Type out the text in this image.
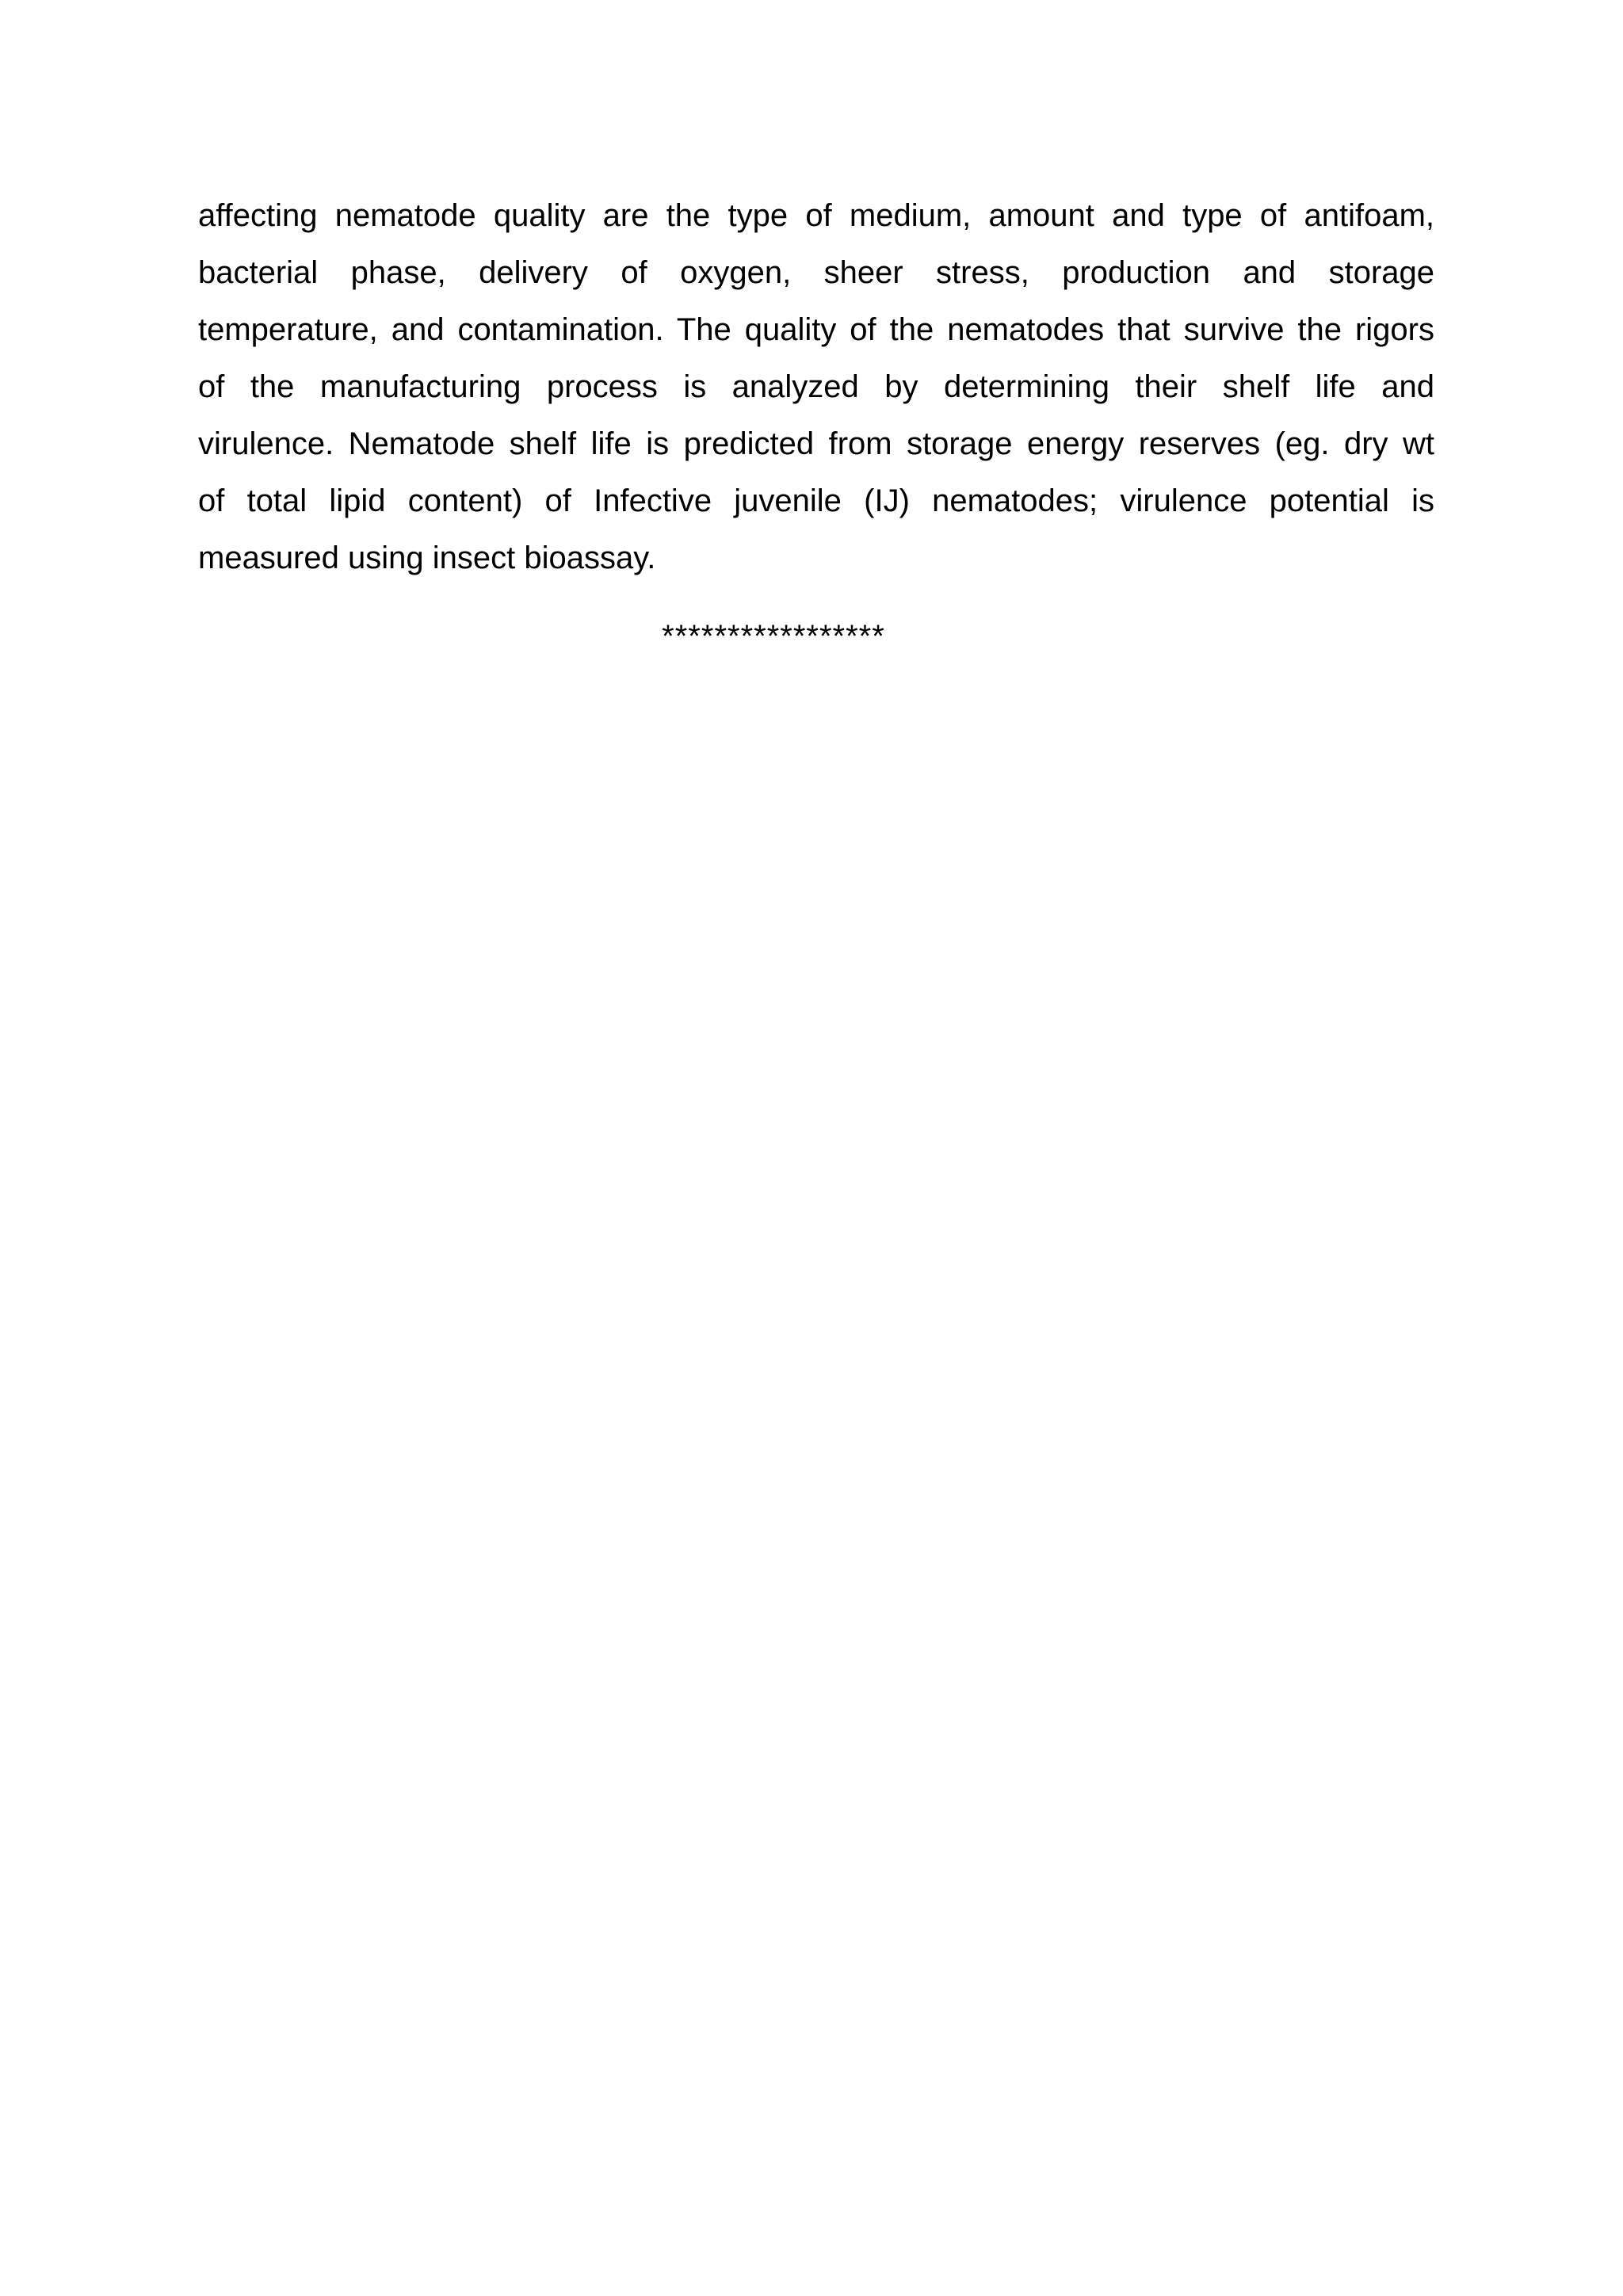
affecting nematode quality are the type of medium, amount and type of antifoam,
bacterial phase, delivery of oxygen, sheer stress, production and storage
temperature, and contamination. The quality of the nematodes that survive the rigors
of the manufacturing process is analyzed by determining their shelf life and
virulence. Nematode shelf life is predicted from storage energy reserves (eg. dry wt
of total lipid content) of Infective juvenile (IJ) nematodes; virulence potential is
measured using insect bioassay.
*****************
